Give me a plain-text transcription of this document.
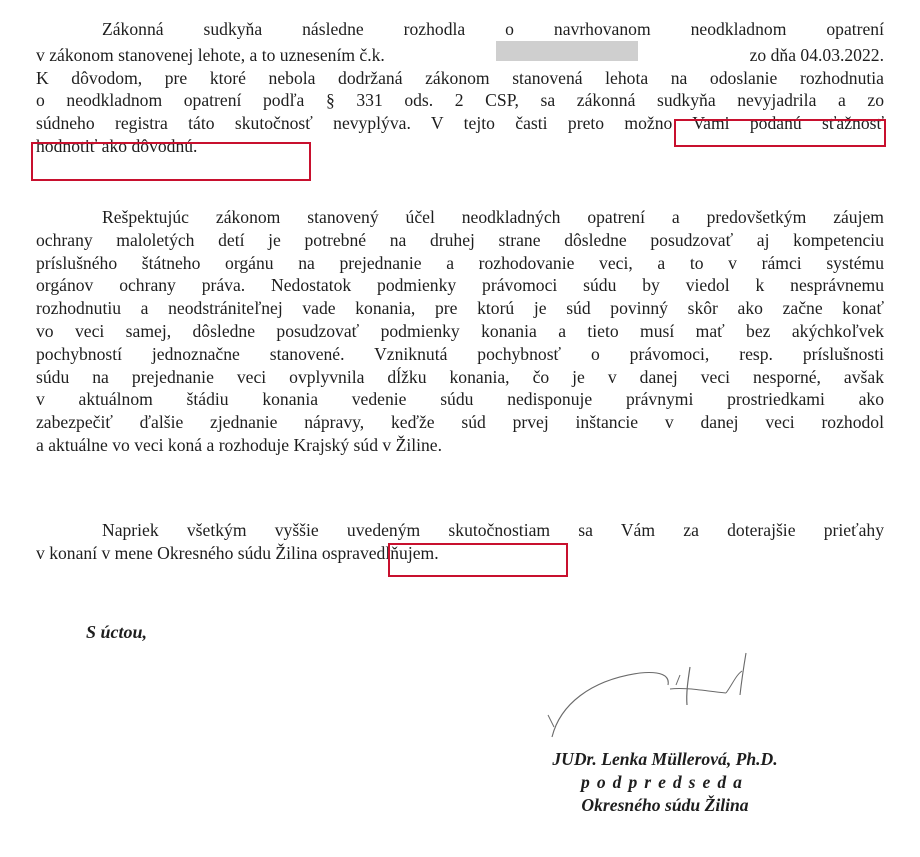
Zákonná sudkyňa následne rozhodla o navrhovanom neodkladnom opatrení
v zákonom stanovenej lehote, a to uznesením č.k.	zo dňa 04.03.2022.
K dôvodom, pre ktoré nebola dodržaná zákonom stanovená lehota na odoslanie rozhodnutia
o neodkladnom opatrení podľa § 331 ods. 2 CSP, sa zákonná sudkyňa nevyjadrila a zo
súdneho registra táto skutočnosť nevyplýva. V tejto časti preto možno Vami podanú sťažnosť
hodnotiť ako dôvodnú.
Rešpektujúc zákonom stanovený účel neodkladných opatrení a predovšetkým záujem
ochrany maloletých detí je potrebné na druhej strane dôsledne posudzovať aj kompetenciu
príslušného štátneho orgánu na prejednanie a rozhodovanie veci, a to v rámci systému
orgánov ochrany práva. Nedostatok podmienky právomoci súdu by viedol k nesprávnemu
rozhodnutiu a neodstrániteľnej vade konania, pre ktorú je súd povinný skôr ako začne konať
vo veci samej, dôsledne posudzovať podmienky konania a tieto musí mať bez akýchkoľvek
pochybností jednoznačne stanovené. Vzniknutá pochybnosť o právomoci, resp. príslušnosti
súdu na prejednanie veci ovplyvnila dĺžku konania, čo je v danej veci nesporné, avšak
v aktuálnom štádiu konania vedenie súdu nedisponuje právnymi prostriedkami ako
zabezpečiť ďalšie zjednanie nápravy, keďže súd prvej inštancie v danej veci rozhodol
a aktuálne vo veci koná a rozhoduje Krajský súd v Žiline.
Napriek všetkým vyššie uvedeným skutočnostiam sa Vám za doterajšie prieťahy
v konaní v mene Okresného súdu Žilina ospravedlňujem.
S úctou,
JUDr. Lenka Müllerová, Ph.D.
podpredseda
Okresného súdu Žilina
